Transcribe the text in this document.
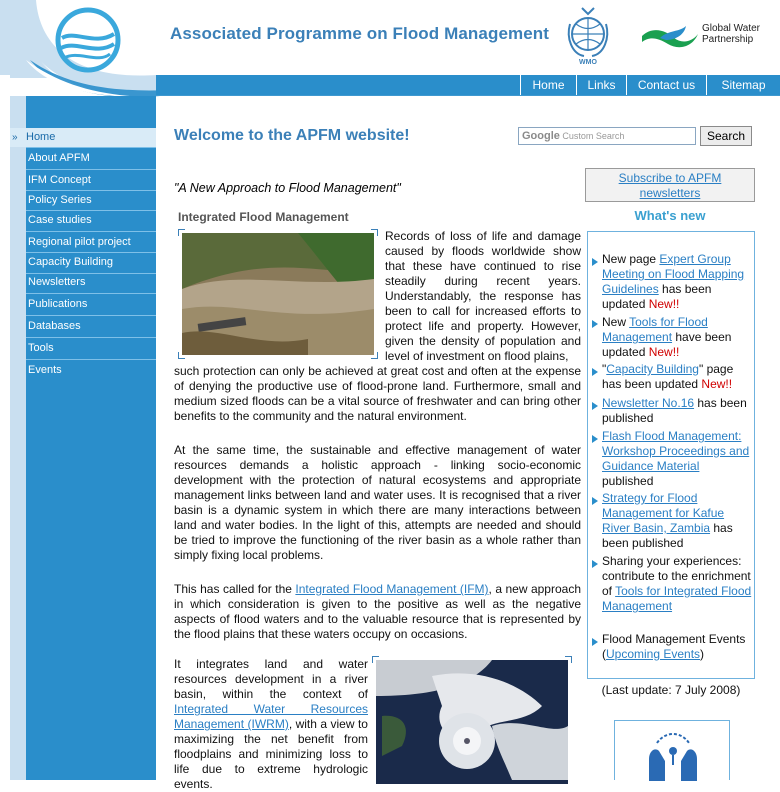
Associated Programme on Flood Management
WMO
Global Water
Partnership
Home	Links	Contact us	Sitemap
» Home
About APFM
IFM Concept
Policy Series
Case studies
Regional pilot project
Capacity Building
Newsletters
Publications
Databases
Tools
Events
Welcome to the APFM website!	Google Custom Search	Search
"A New Approach to Flood Management"
Integrated Flood Management
Records of loss of life and damage caused by floods worldwide show that these have continued to rise steadily during recent years. Understandably, the response has been to call for increased efforts to protect life and property. However, given the density of population and level of investment on flood plains,
such protection can only be achieved at great cost and often at the expense of denying the productive use of flood-prone land. Furthermore, small and medium sized floods can be a vital source of freshwater and can bring other benefits to the community and the natural environment.
At the same time, the sustainable and effective management of water resources demands a holistic approach - linking socio-economic development with the protection of natural ecosystems and appropriate management links between land and water uses. It is recognised that a river basin is a dynamic system in which there are many interactions between land and water bodies. In the light of this, attempts are needed and should be tried to improve the functioning of the river basin as a whole rather than simply fixing local problems.
This has called for the Integrated Flood Management (IFM), a new approach in which consideration is given to the positive as well as the negative aspects of flood waters and to the valuable resource that is represented by the flood plains that these waters occupy on occasions.
It integrates land and water resources development in a river basin, within the context of Integrated Water Resources Management (IWRM), with a view to maximizing the net benefit from floodplains and minimizing loss to life due to extreme hydrologic events.
Subscribe to APFM
newsletters
What's new
New page Expert Group Meeting on Flood Mapping Guidelines has been updated New!!
New Tools for Flood Management have been updated New!!
"Capacity Building" page has been updated New!!
Newsletter No.16 has been published
Flash Flood Management: Workshop Proceedings and Guidance Material published
Strategy for Flood Management for Kafue River Basin, Zambia has been published
Sharing your experiences: contribute to the enrichment of Tools for Integrated Flood Management
Flood Management Events (Upcoming Events)
(Last update: 7 July 2008)
